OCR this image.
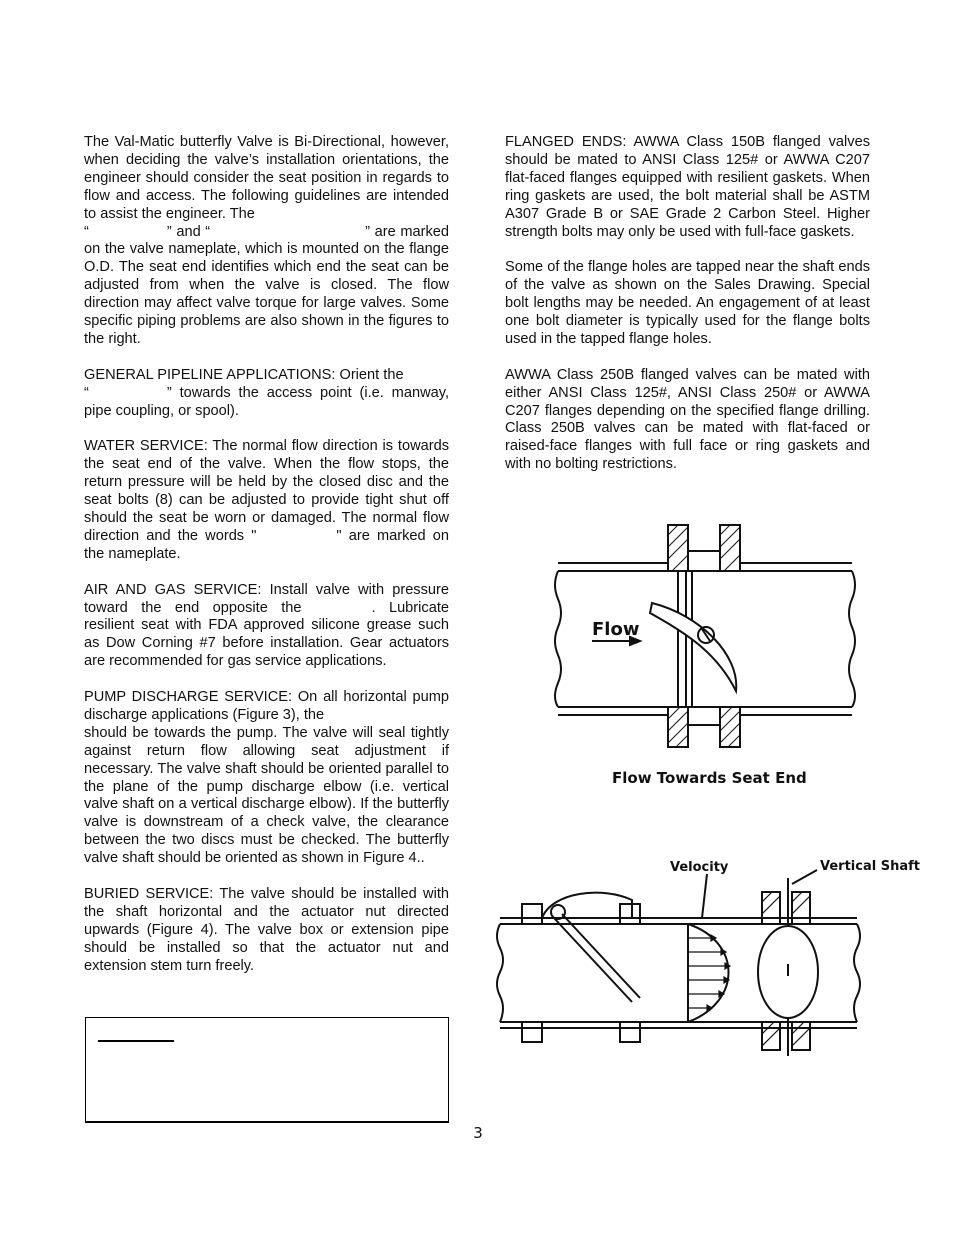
The Val-Matic butterfly Valve is Bi-Directional, however, when deciding the valve’s installation orientations, the engineer should consider the seat position in regards to flow and access. The following guidelines are intended to assist the engineer. The
“	” and “	” are marked on the valve nameplate, which is mounted on the flange O.D. The seat end identifies which end the seat can be adjusted from when the valve is closed. The flow direction may affect valve torque for large valves. Some specific piping problems are also shown in the figures to the right.

GENERAL PIPELINE APPLICATIONS: Orient the
“	” towards the access point (i.e. manway, pipe coupling, or spool).

WATER SERVICE: The normal flow direction is towards the seat end of the valve. When the flow stops, the return pressure will be held by the closed disc and the seat bolts (8) can be adjusted to provide tight shut off should the seat be worn or damaged. The normal flow direction and the words "	" are marked on the nameplate.

AIR AND GAS SERVICE: Install valve with pressure toward the end opposite the	. Lubricate resilient seat with FDA approved silicone grease such as Dow Corning #7 before installation. Gear actuators are recommended for gas service applications.

PUMP DISCHARGE SERVICE: On all horizontal pump discharge applications (Figure 3), the
should be towards the pump. The valve will seal tightly against return flow allowing seat adjustment if necessary. The valve shaft should be oriented parallel to the plane of the pump discharge elbow (i.e. vertical valve shaft on a vertical discharge elbow). If the butterfly valve is downstream of a check valve, the clearance between the two discs must be checked. The butterfly valve shaft should be oriented as shown in Figure 4..

BURIED SERVICE: The valve should be installed with the shaft horizontal and the actuator nut directed upwards (Figure 4). The valve box or extension pipe should be installed so that the actuator nut and extension stem turn freely.

FLANGED ENDS: AWWA Class 150B flanged valves should be mated to ANSI Class 125# or AWWA C207 flat-faced flanges equipped with resilient gaskets. When ring gaskets are used, the bolt material shall be ASTM A307 Grade B or SAE Grade 2 Carbon Steel. Higher strength bolts may only be used with full-face gaskets.

Some of the flange holes are tapped near the shaft ends of the valve as shown on the Sales Drawing. Special bolt lengths may be needed. An engagement of at least one bolt diameter is typically used for the flange bolts used in the tapped flange holes.

AWWA Class 250B flanged valves can be mated with either ANSI Class 125#, ANSI Class 250# or AWWA C207 flanges depending on the specified flange drilling. Class 250B valves can be mated with flat-faced or raised-face flanges with full face or ring gaskets and with no bolting restrictions.

Flow
Flow Towards Seat End
Velocity	Vertical Shaft
3
